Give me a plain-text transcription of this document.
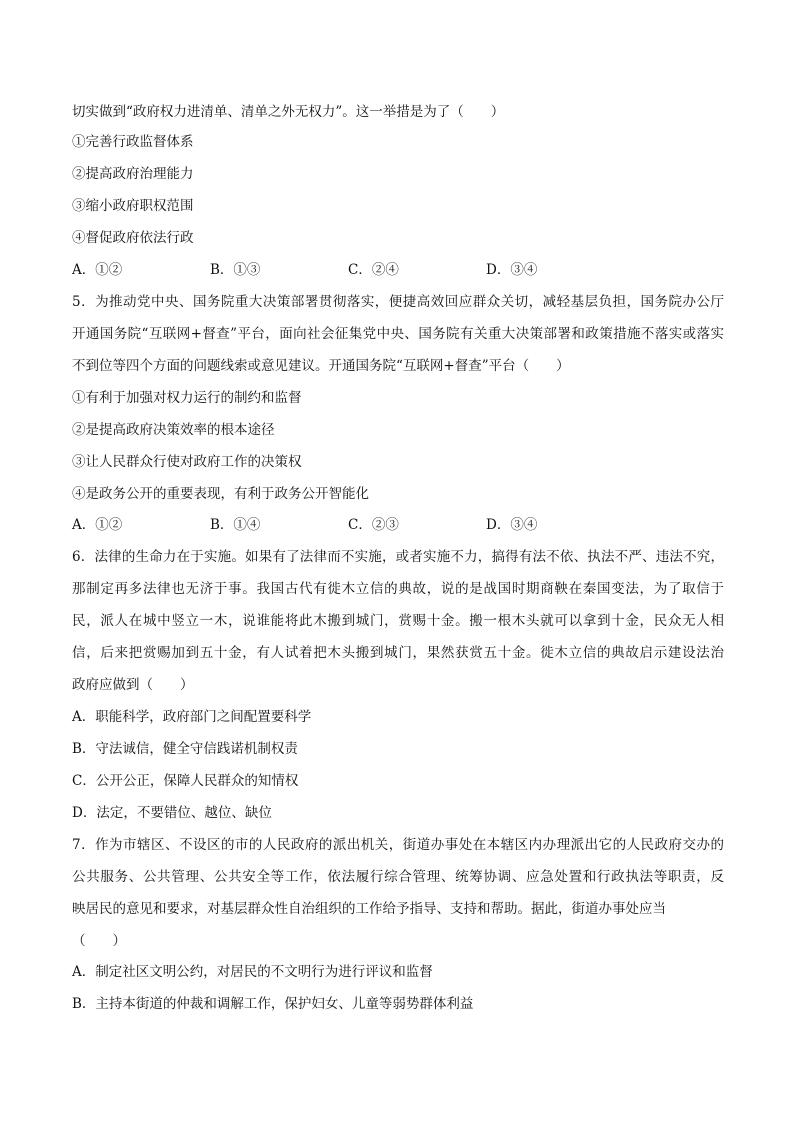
切实做到“政府权力进清单、清单之外无权力”。这一举措是为了（　　）
①完善行政监督体系
②提高政府治理能力
③缩小政府职权范围
④督促政府依法行政
A．①②	B．①③	C．②④	D．③④
5．为推动党中央、国务院重大决策部署贯彻落实，便捷高效回应群众关切，减轻基层负担，国务院办公厅
开通国务院“互联网+督查”平台，面向社会征集党中央、国务院有关重大决策部署和政策措施不落实或落实
不到位等四个方面的问题线索或意见建议。开通国务院“互联网+督查”平台（　　）
①有利于加强对权力运行的制约和监督
②是提高政府决策效率的根本途径
③让人民群众行使对政府工作的决策权
④是政务公开的重要表现，有利于政务公开智能化
A．①②	B．①④	C．②③	D．③④
6．法律的生命力在于实施。如果有了法律而不实施，或者实施不力，搞得有法不依、执法不严、违法不究，
那制定再多法律也无济于事。我国古代有徙木立信的典故，说的是战国时期商鞅在秦国变法，为了取信于
民，派人在城中竖立一木，说谁能将此木搬到城门，赏赐十金。搬一根木头就可以拿到十金，民众无人相
信，后来把赏赐加到五十金，有人试着把木头搬到城门，果然获赏五十金。徙木立信的典故启示建设法治
政府应做到（　　）
A．职能科学，政府部门之间配置要科学
B．守法诚信，健全守信践诺机制权责
C．公开公正，保障人民群众的知情权
D．法定，不要错位、越位、缺位
7．作为市辖区、不设区的市的人民政府的派出机关，街道办事处在本辖区内办理派出它的人民政府交办的
公共服务、公共管理、公共安全等工作，依法履行综合管理、统筹协调、应急处置和行政执法等职责，反
映居民的意见和要求，对基层群众性自治组织的工作给予指导、支持和帮助。据此，街道办事处应当
（　　）
A．制定社区文明公约，对居民的不文明行为进行评议和监督
B．主持本街道的仲裁和调解工作，保护妇女、儿童等弱势群体利益
